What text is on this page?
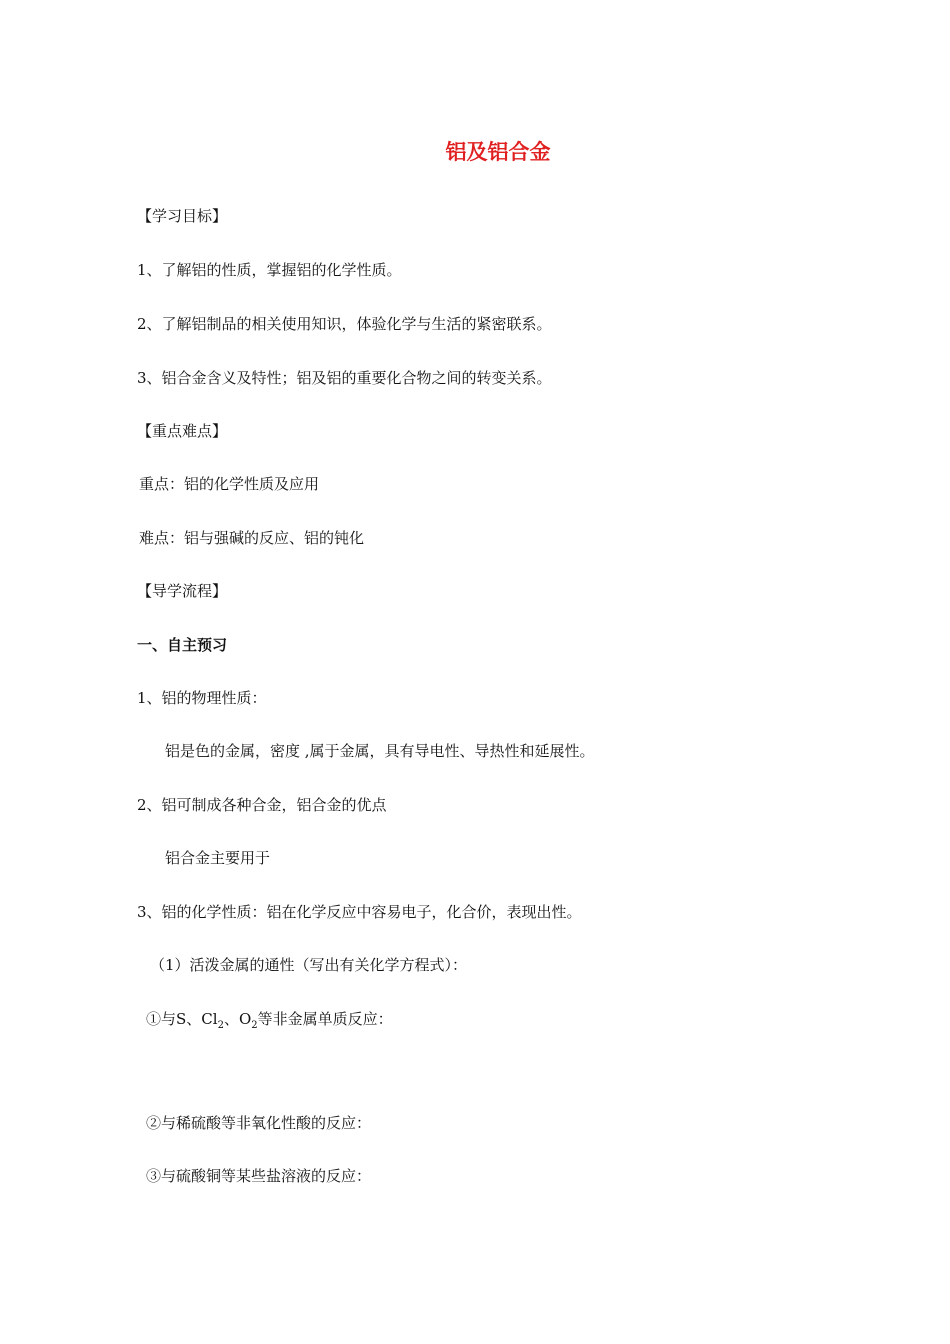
铝及铝合金
【学习目标】
1、了解铝的性质，掌握铝的化学性质。
2、了解铝制品的相关使用知识，体验化学与生活的紧密联系。
3、铝合金含义及特性；铝及铝的重要化合物之间的转变关系。
【重点难点】
重点：铝的化学性质及应用
难点：铝与强碱的反应、铝的钝化
【导学流程】
一、自主预习
1、铝的物理性质：
铝是色的金属，密度 ,属于金属，具有导电性、导热性和延展性。
2、铝可制成各种合金，铝合金的优点
铝合金主要用于
3、铝的化学性质：铝在化学反应中容易电子，化合价，表现出性。
（1）活泼金属的通性（写出有关化学方程式）：
①与S、$Cl_2$、$O_2$等非金属单质反应：
②与稀硫酸等非氧化性酸的反应：
③与硫酸铜等某些盐溶液的反应：
